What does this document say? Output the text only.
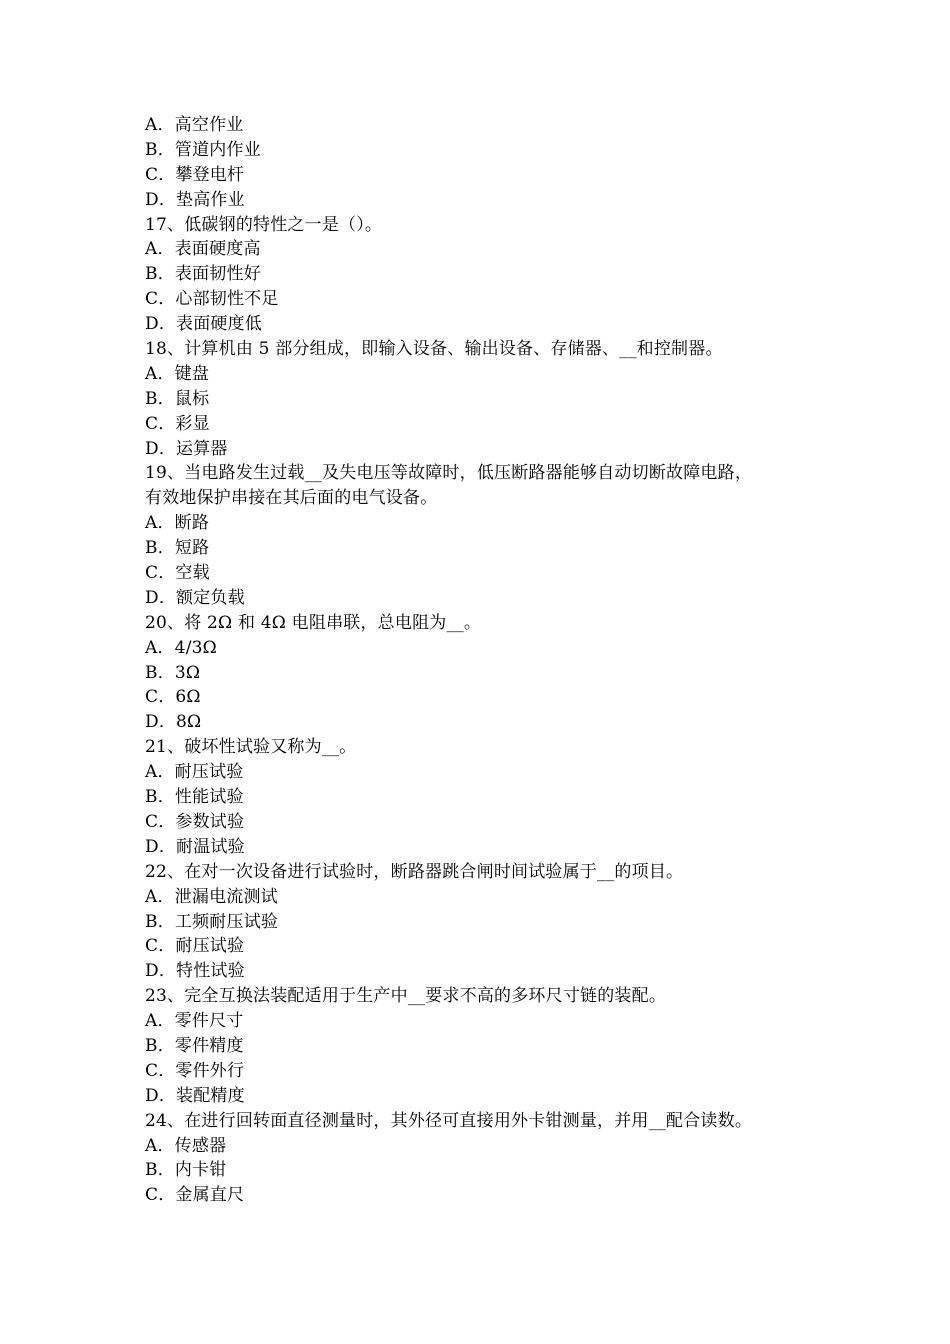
A．高空作业
B．管道内作业
C．攀登电杆
D．垫高作业
17、低碳钢的特性之一是（）。
A．表面硬度高
B．表面韧性好
C．心部韧性不足
D．表面硬度低
18、计算机由 5 部分组成，即输入设备、输出设备、存储器、__和控制器。
A．键盘
B．鼠标
C．彩显
D．运算器
19、当电路发生过载__及失电压等故障时，低压断路器能够自动切断故障电路，
有效地保护串接在其后面的电气设备。
A．断路
B．短路
C．空载
D．额定负载
20、将 2Ω 和 4Ω 电阻串联，总电阻为__。
A．4/3Ω
B．3Ω
C．6Ω
D．8Ω
21、破坏性试验又称为__。
A．耐压试验
B．性能试验
C．参数试验
D．耐温试验
22、在对一次设备进行试验时，断路器跳合闸时间试验属于__的项目。
A．泄漏电流测试
B．工频耐压试验
C．耐压试验
D．特性试验
23、完全互换法装配适用于生产中__要求不高的多环尺寸链的装配。
A．零件尺寸
B．零件精度
C．零件外行
D．装配精度
24、在进行回转面直径测量时，其外径可直接用外卡钳测量，并用__配合读数。
A．传感器
B．内卡钳
C．金属直尺
